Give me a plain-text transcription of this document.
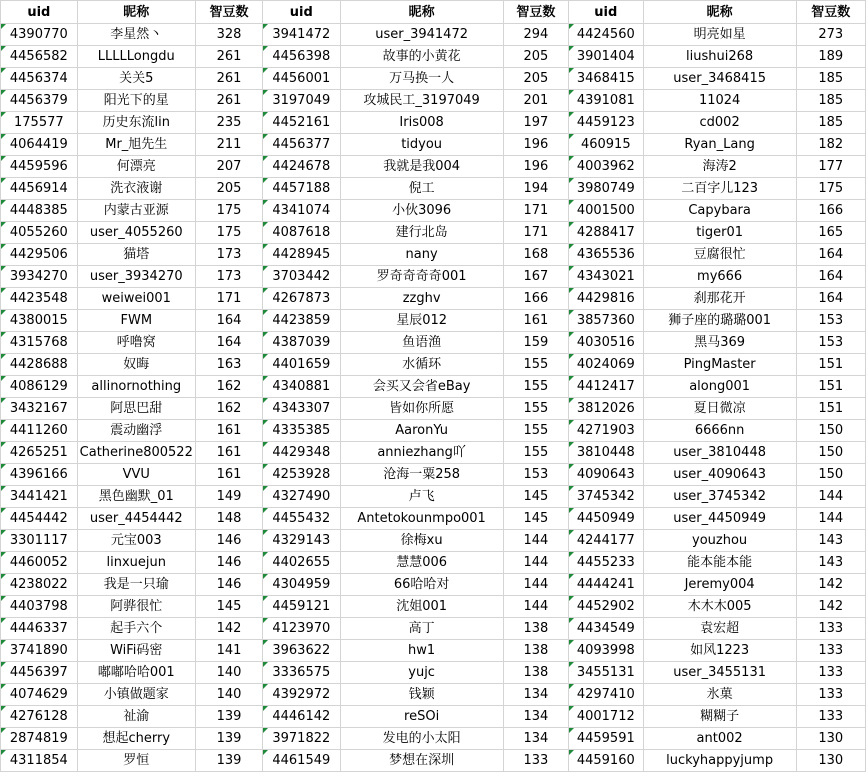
uid	昵称	智豆数	uid	昵称	智豆数	uid	昵称	智豆数
4390770	李星然丶	328	3941472	user_3941472	294	4424560	明亮如星	273
4456582	LLLLLongdu	261	4456398	故事的小黄花	205	3901404	liushui268	189
4456374	关关5	261	4456001	万马换一人	205	3468415	user_3468415	185
4456379	阳光下的星	261	3197049	攻城民工_3197049	201	4391081	11024	185
175577	历史东流lin	235	4452161	Iris008	197	4459123	cd002	185
4064419	Mr_旭先生	211	4456377	tidyou	196	460915	Ryan_Lang	182
4459596	何漂亮	207	4424678	我就是我004	196	4003962	海涛2	177
4456914	洗衣液谢	205	4457188	倪工	194	3980749	二百字儿123	175
4448385	内蒙古亚源	175	4341074	小伙3096	171	4001500	Capybara	166
4055260	user_4055260	175	4087618	建行北岛	171	4288417	tiger01	165
4429506	猫塔	173	4428945	nany	168	4365536	豆腐很忙	164
3934270	user_3934270	173	3703442	罗奇奇奇奇001	167	4343021	my666	164
4423548	weiwei001	171	4267873	zzghv	166	4429816	刹那花开	164
4380015	FWM	164	4423859	星辰012	161	3857360	狮子座的璐璐001	153
4315768	呼噜窝	164	4387039	鱼语渔	159	4030516	黑马369	153
4428688	奴晦	163	4401659	水循环	155	4024069	PingMaster	151
4086129	allinornothing	162	4340881	会买又会省eBay	155	4412417	along001	151
3432167	阿思巴甜	162	4343307	皆如你所愿	155	3812026	夏日微凉	151
4411260	震动幽浮	161	4335385	AaronYu	155	4271903	6666nn	150
4265251	Catherine800522	161	4429348	anniezhang吖	155	3810448	user_3810448	150
4396166	VVU	161	4253928	沧海一粟258	153	4090643	user_4090643	150
3441421	黑色幽默_01	149	4327490	卢飞	145	3745342	user_3745342	144
4454442	user_4454442	148	4455432	Antetokounmpo001	145	4450949	user_4450949	144
3301117	元宝003	146	4329143	徐梅xu	144	4244177	youzhou	143
4460052	linxuejun	146	4402655	慧慧006	144	4455233	能本能本能	143
4238022	我是一只瑜	146	4304959	66哈哈对	144	4444241	Jeremy004	142
4403798	阿骅很忙	145	4459121	沈姐001	144	4452902	木木木005	142
4446337	起手六个	142	4123970	高丁	138	4434549	袁宏超	133
3741890	WiFi码密	141	3963622	hw1	138	4093998	如风1223	133
4456397	嘟嘟哈哈001	140	3336575	yujc	138	3455131	user_3455131	133
4074629	小镇做题家	140	4392972	钱颖	134	4297410	氷菓	133
4276128	祉渝	139	4446142	reSOi	134	4001712	糊糊子	133
2874819	想起cherry	139	3971822	发电的小太阳	134	4459591	ant002	130
4311854	罗恒	139	4461549	梦想在深圳	133	4459160	luckyhappyjump	130
